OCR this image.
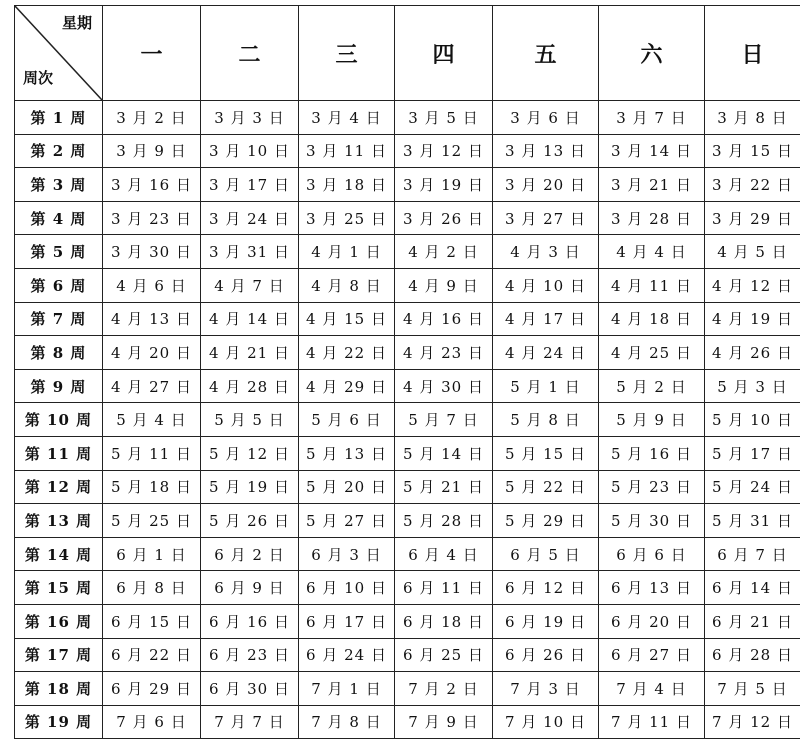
星期
周次	一	二	三	四	五	六	日
第 1 周	3 月 2 日	3 月 3 日	3 月 4 日	3 月 5 日	3 月 6 日	3 月 7 日	3 月 8 日
第 2 周	3 月 9 日	3 月 10 日	3 月 11 日	3 月 12 日	3 月 13 日	3 月 14 日	3 月 15 日
第 3 周	3 月 16 日	3 月 17 日	3 月 18 日	3 月 19 日	3 月 20 日	3 月 21 日	3 月 22 日
第 4 周	3 月 23 日	3 月 24 日	3 月 25 日	3 月 26 日	3 月 27 日	3 月 28 日	3 月 29 日
第 5 周	3 月 30 日	3 月 31 日	4 月 1 日	4 月 2 日	4 月 3 日	4 月 4 日	4 月 5 日
第 6 周	4 月 6 日	4 月 7 日	4 月 8 日	4 月 9 日	4 月 10 日	4 月 11 日	4 月 12 日
第 7 周	4 月 13 日	4 月 14 日	4 月 15 日	4 月 16 日	4 月 17 日	4 月 18 日	4 月 19 日
第 8 周	4 月 20 日	4 月 21 日	4 月 22 日	4 月 23 日	4 月 24 日	4 月 25 日	4 月 26 日
第 9 周	4 月 27 日	4 月 28 日	4 月 29 日	4 月 30 日	5 月 1 日	5 月 2 日	5 月 3 日
第 10 周	5 月 4 日	5 月 5 日	5 月 6 日	5 月 7 日	5 月 8 日	5 月 9 日	5 月 10 日
第 11 周	5 月 11 日	5 月 12 日	5 月 13 日	5 月 14 日	5 月 15 日	5 月 16 日	5 月 17 日
第 12 周	5 月 18 日	5 月 19 日	5 月 20 日	5 月 21 日	5 月 22 日	5 月 23 日	5 月 24 日
第 13 周	5 月 25 日	5 月 26 日	5 月 27 日	5 月 28 日	5 月 29 日	5 月 30 日	5 月 31 日
第 14 周	6 月 1 日	6 月 2 日	6 月 3 日	6 月 4 日	6 月 5 日	6 月 6 日	6 月 7 日
第 15 周	6 月 8 日	6 月 9 日	6 月 10 日	6 月 11 日	6 月 12 日	6 月 13 日	6 月 14 日
第 16 周	6 月 15 日	6 月 16 日	6 月 17 日	6 月 18 日	6 月 19 日	6 月 20 日	6 月 21 日
第 17 周	6 月 22 日	6 月 23 日	6 月 24 日	6 月 25 日	6 月 26 日	6 月 27 日	6 月 28 日
第 18 周	6 月 29 日	6 月 30 日	7 月 1 日	7 月 2 日	7 月 3 日	7 月 4 日	7 月 5 日
第 19 周	7 月 6 日	7 月 7 日	7 月 8 日	7 月 9 日	7 月 10 日	7 月 11 日	7 月 12 日
